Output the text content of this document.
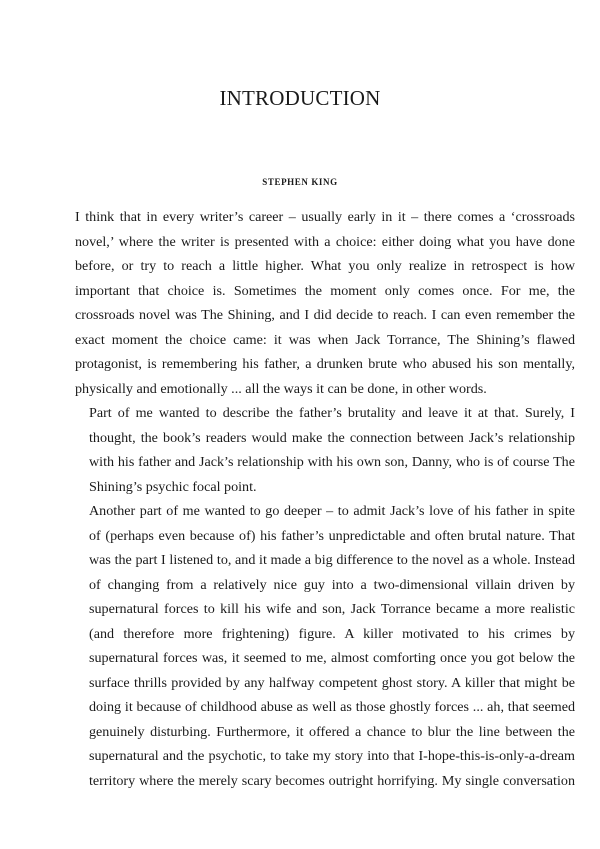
INTRODUCTION
STEPHEN KING

I think that in every writer’s career – usually early in it – there comes a ‘crossroads
novel,’ where the writer is presented with a choice: either doing what you have done
before, or try to reach a little higher. What you only realize in retrospect is how
important that choice is. Sometimes the moment only comes once. For me, the
crossroads novel was The Shining, and I did decide to reach. I can even remember the
exact moment the choice came: it was when Jack Torrance, The Shining’s flawed
protagonist, is remembering his father, a drunken brute who abused his son mentally,
physically and emotionally ... all the ways it can be done, in other words.

Part of me wanted to describe the father’s brutality and leave it at that. Surely, I
thought, the book’s readers would make the connection between Jack’s relationship
with his father and Jack’s relationship with his own son, Danny, who is of course The
Shining’s psychic focal point.

Another part of me wanted to go deeper – to admit Jack’s love of his father in spite
of (perhaps even because of) his father’s unpredictable and often brutal nature. That
was the part I listened to, and it made a big difference to the novel as a whole. Instead
of changing from a relatively nice guy into a two-dimensional villain driven by
supernatural forces to kill his wife and son, Jack Torrance became a more realistic
(and therefore more frightening) figure. A killer motivated to his crimes by
supernatural forces was, it seemed to me, almost comforting once you got below the
surface thrills provided by any halfway competent ghost story. A killer that might be
doing it because of childhood abuse as well as those ghostly forces ... ah, that seemed
genuinely disturbing. Furthermore, it offered a chance to blur the line between the
supernatural and the psychotic, to take my story into that I-hope-this-is-only-a-dream
territory where the merely scary becomes outright horrifying. My single conversation
